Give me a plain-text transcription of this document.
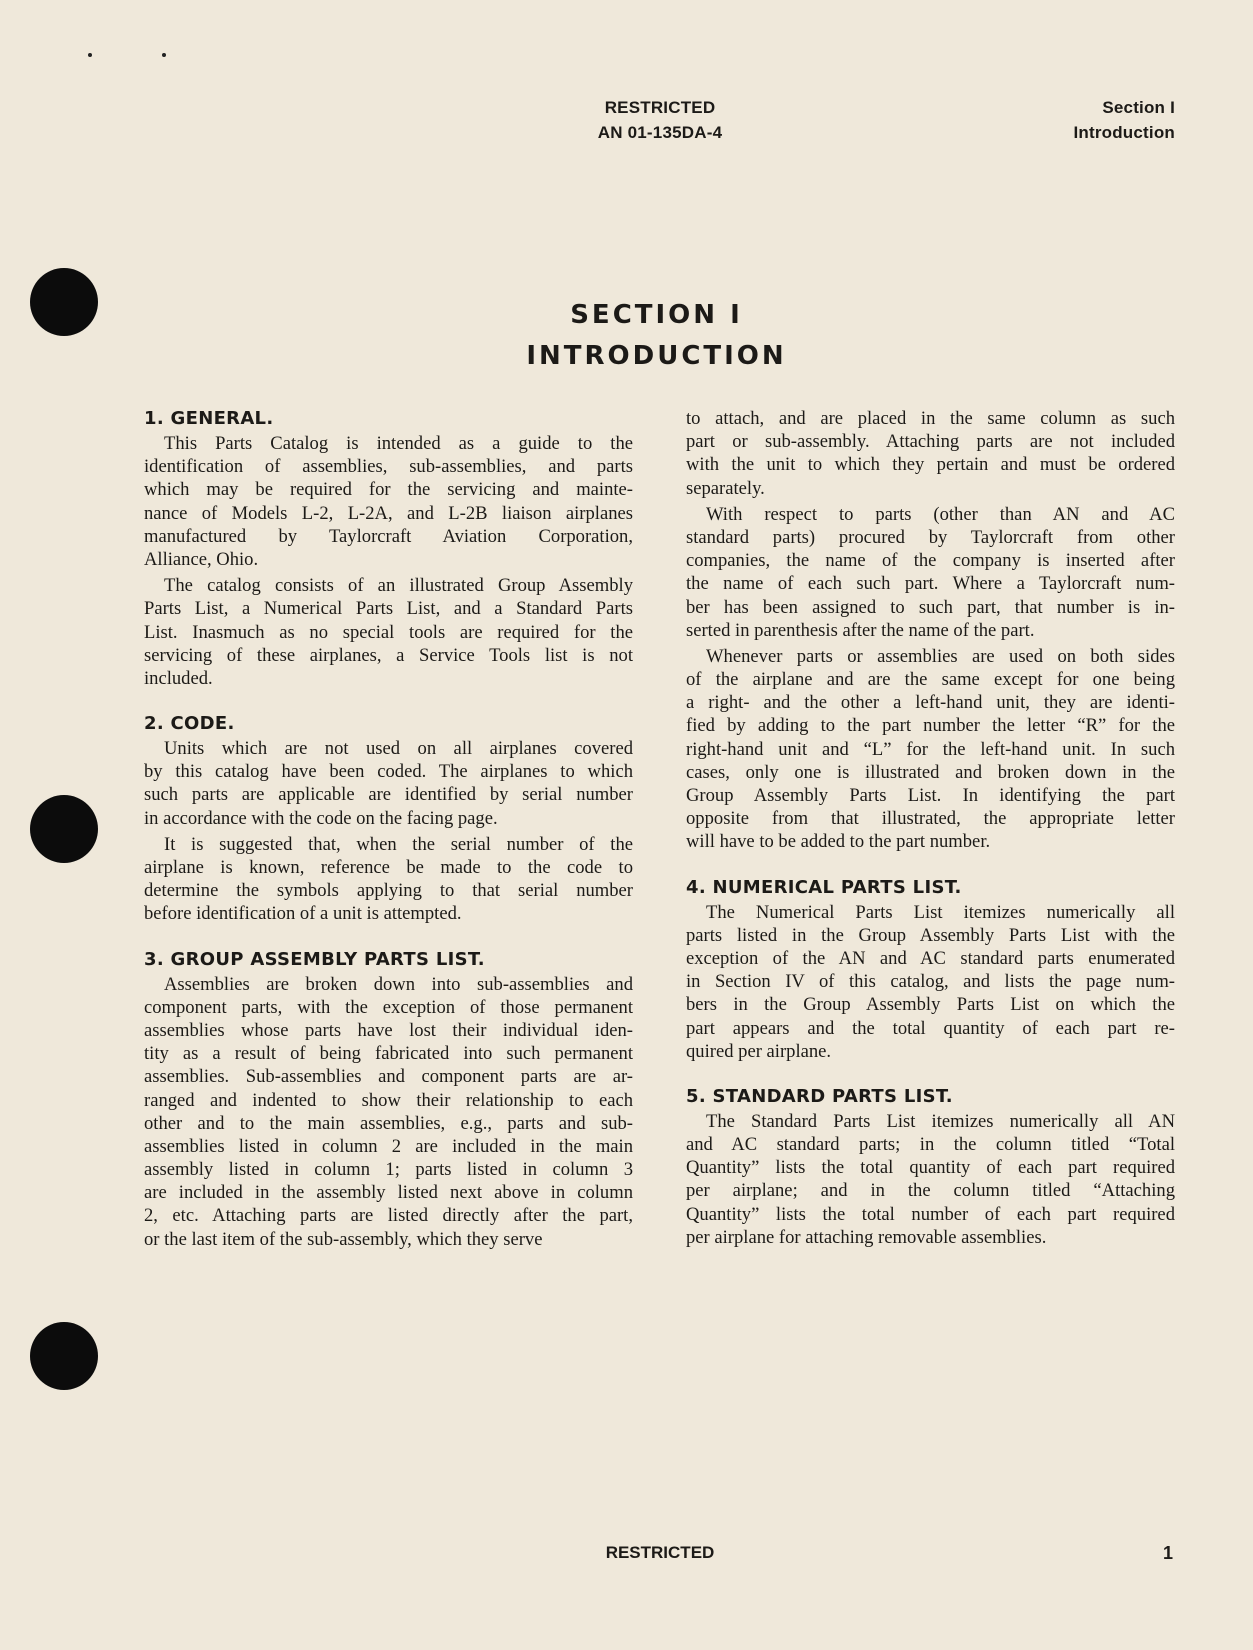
RESTRICTED
AN 01-135DA-4
Section I
Introduction
SECTION I
INTRODUCTION
1. GENERAL.
This Parts Catalog is intended as a guide to the
identification of assemblies, sub-assemblies, and parts
which may be required for the servicing and mainte-
nance of Models L-2, L-2A, and L-2B liaison airplanes
manufactured by Taylorcraft Aviation Corporation,
Alliance, Ohio.
The catalog consists of an illustrated Group Assembly
Parts List, a Numerical Parts List, and a Standard Parts
List. Inasmuch as no special tools are required for the
servicing of these airplanes, a Service Tools list is not
included.
2. CODE.
Units which are not used on all airplanes covered
by this catalog have been coded. The airplanes to which
such parts are applicable are identified by serial number
in accordance with the code on the facing page.
It is suggested that, when the serial number of the
airplane is known, reference be made to the code to
determine the symbols applying to that serial number
before identification of a unit is attempted.
3. GROUP ASSEMBLY PARTS LIST.
Assemblies are broken down into sub-assemblies and
component parts, with the exception of those permanent
assemblies whose parts have lost their individual iden-
tity as a result of being fabricated into such permanent
assemblies. Sub-assemblies and component parts are ar-
ranged and indented to show their relationship to each
other and to the main assemblies, e.g., parts and sub-
assemblies listed in column 2 are included in the main
assembly listed in column 1; parts listed in column 3
are included in the assembly listed next above in column
2, etc. Attaching parts are listed directly after the part,
or the last item of the sub-assembly, which they serve
to attach, and are placed in the same column as such
part or sub-assembly. Attaching parts are not included
with the unit to which they pertain and must be ordered
separately.
With respect to parts (other than AN and AC
standard parts) procured by Taylorcraft from other
companies, the name of the company is inserted after
the name of each such part. Where a Taylorcraft num-
ber has been assigned to such part, that number is in-
serted in parenthesis after the name of the part.
Whenever parts or assemblies are used on both sides
of the airplane and are the same except for one being
a right- and the other a left-hand unit, they are identi-
fied by adding to the part number the letter “R” for the
right-hand unit and “L” for the left-hand unit. In such
cases, only one is illustrated and broken down in the
Group Assembly Parts List. In identifying the part
opposite from that illustrated, the appropriate letter
will have to be added to the part number.
4. NUMERICAL PARTS LIST.
The Numerical Parts List itemizes numerically all
parts listed in the Group Assembly Parts List with the
exception of the AN and AC standard parts enumerated
in Section IV of this catalog, and lists the page num-
bers in the Group Assembly Parts List on which the
part appears and the total quantity of each part re-
quired per airplane.
5. STANDARD PARTS LIST.
The Standard Parts List itemizes numerically all AN
and AC standard parts; in the column titled “Total
Quantity” lists the total quantity of each part required
per airplane; and in the column titled “Attaching
Quantity” lists the total number of each part required
per airplane for attaching removable assemblies.
RESTRICTED	1
